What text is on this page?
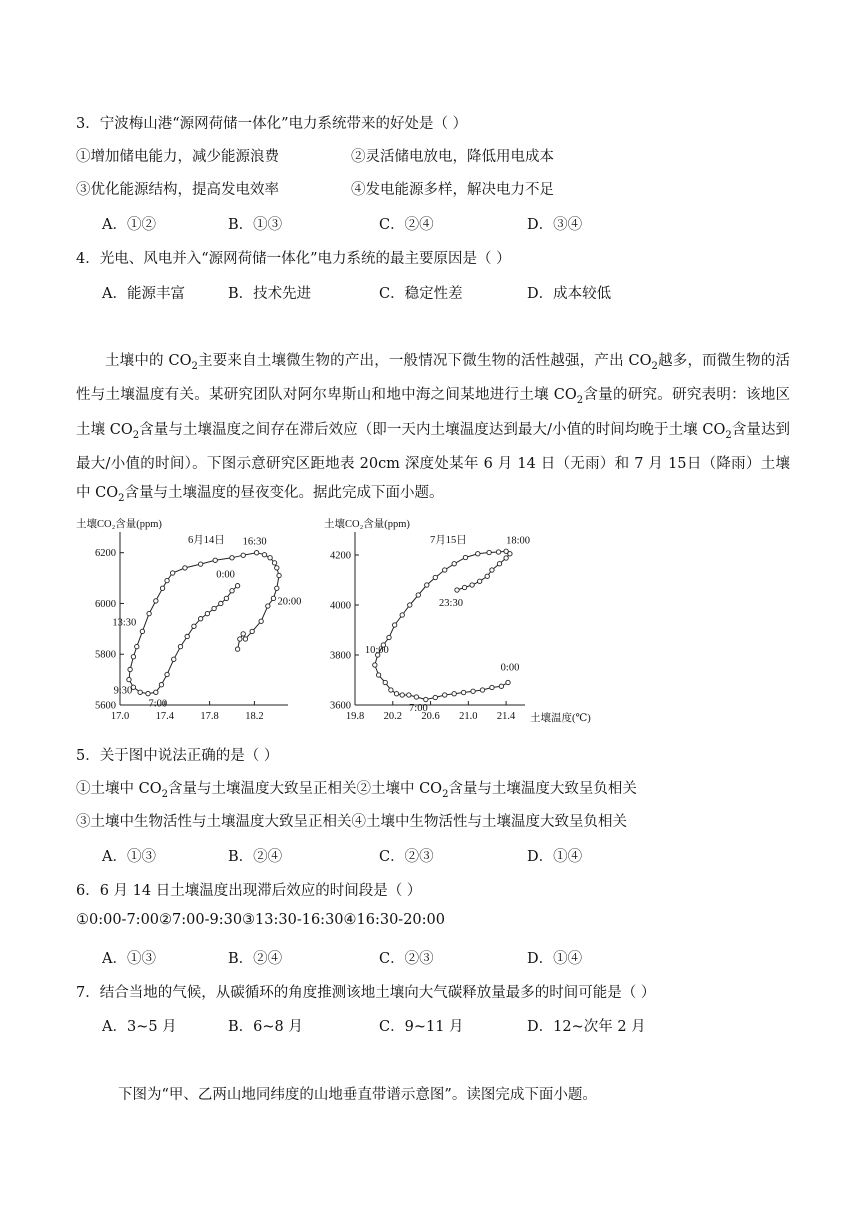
3．宁波梅山港“源网荷储一体化”电力系统带来的好处是（ ）
①增加储电能力，减少能源浪费	②灵活储电放电，降低用电成本
③优化能源结构，提高发电效率	④发电能源多样，解决电力不足
A．①②	B．①③	C．②④	D．③④
4．光电、风电并入“源网荷储一体化”电力系统的最主要原因是（ ）
A．能源丰富	B．技术先进	C．稳定性差	D．成本较低

土壤中的 $CO_2$主要来自土壤微生物的产出，一般情况下微生物的活性越强，产出 $CO_2$越多，而微生物的活性与土壤温度有关。某研究团队对阿尔卑斯山和地中海之间某地进行土壤 $CO_2$含量的研究。研究表明：该地区土壤 $CO_2$含量与土壤温度之间存在滞后效应（即一天内土壤温度达到最大/小值的时间均晚于土壤 $CO_2$含量达到最大/小值的时间）。下图示意研究区距地表 20cm 深度处某年 6 月 14 日（无雨）和 7 月 15日（降雨）土壤中 $CO_2$含量与土壤温度的昼夜变化。据此完成下面小题。

5600
5800
6000
6200
17.0	17.4	17.8	18.2
土壤CO₂含量(ppm)
6月14日 16:30
13:30
0:00
20:00
9:30
7:00	3600
3800
4000
4200
19.8 20.2 20.6 21.0 21.4
土壤CO₂含量(ppm)
7月15日
土壤温度(℃)
18:00
23:30
10:00
0:00
7:00
5．关于图中说法正确的是（ ）
①土壤中 $CO_2$含量与土壤温度大致呈正相关②土壤中 $CO_2$含量与土壤温度大致呈负相关
③土壤中生物活性与土壤温度大致呈正相关④土壤中生物活性与土壤温度大致呈负相关
A．①③	B．②④	C．②③	D．①④
6．6 月 14 日土壤温度出现滞后效应的时间段是（ ）
①0:00-7:00②7:00-9:30③13:30-16:30④16:30-20:00
A．①③	B．②④	C．②③	D．①④
7．结合当地的气候，从碳循环的角度推测该地土壤向大气碳释放量最多的时间可能是（ ）
A．3~5 月	B．6~8 月	C．9~11 月	D．12~次年 2 月
下图为“甲、乙两山地同纬度的山地垂直带谱示意图”。读图完成下面小题。
